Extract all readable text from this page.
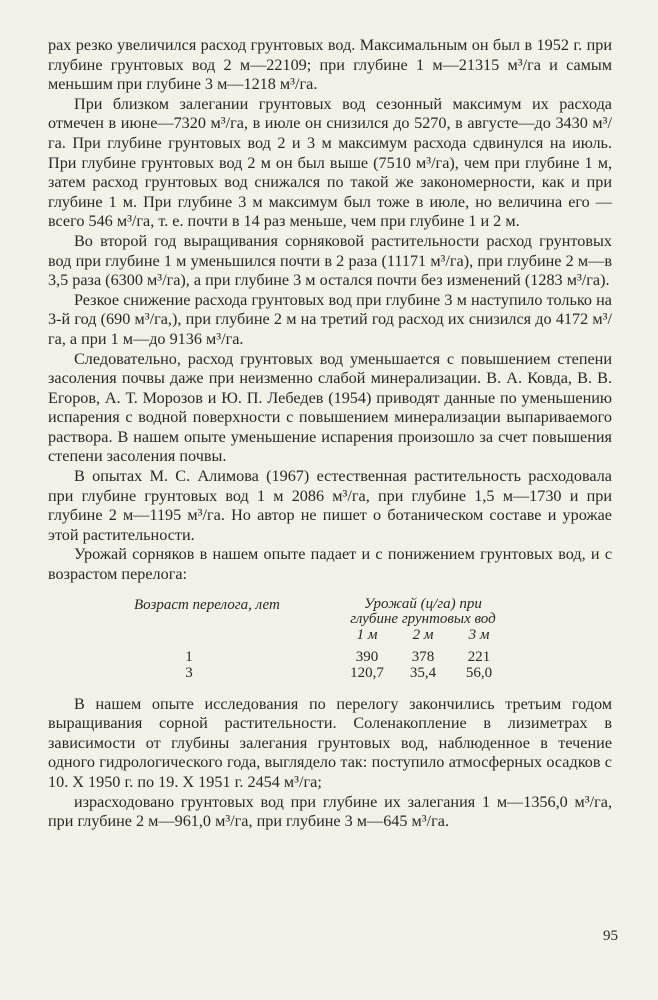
рах резко увеличился расход грунтовых вод. Максимальным он был в 1952 г. при глубине грунтовых вод 2 м—22109; при глубине 1 м—21315 м³/га и самым меньшим при глубине 3 м—1218 м³/га.

При близком залегании грунтовых вод сезонный максимум их расхода отмечен в июне—7320 м³/га, в июле он снизился до 5270, в августе—до 3430 м³/га. При глубине грунтовых вод 2 и 3 м максимум расхода сдвинулся на июль. При глубине грунтовых вод 2 м он был выше (7510 м³/га), чем при глубине 1 м, затем расход грунтовых вод снижался по такой же закономерности, как и при глубине 1 м. При глубине 3 м максимум был тоже в июле, но величина его — всего 546 м³/га, т. е. почти в 14 раз меньше, чем при глубине 1 и 2 м.

Во второй год выращивания сорняковой растительности расход грунтовых вод при глубине 1 м уменьшился почти в 2 раза (11171 м³/га), при глубине 2 м—в 3,5 раза (6300 м³/га), а при глубине 3 м остался почти без изменений (1283 м³/га).

Резкое снижение расхода грунтовых вод при глубине 3 м наступило только на 3-й год (690 м³/га,), при глубине 2 м на третий год расход их снизился до 4172 м³/га, а при 1 м—до 9136 м³/га.

Следовательно, расход грунтовых вод уменьшается с повышением степени засоления почвы даже при неизменно слабой минерализации. В. А. Ковда, В. В. Егоров, А. Т. Морозов и Ю. П. Лебедев (1954) приводят данные по уменьшению испарения с водной поверхности с повышением минерализации выпариваемого раствора. В нашем опыте уменьшение испарения произошло за счет повышения степени засоления почвы.

В опытах М. С. Алимова (1967) естественная растительность расходовала при глубине грунтовых вод 1 м 2086 м³/га, при глубине 1,5 м—1730 и при глубине 2 м—1195 м³/га. Но автор не пишет о ботаническом составе и урожае этой растительности.

Урожай сорняков в нашем опыте падает и с понижением грунтовых вод, и с возрастом перелога:

Возраст перелога, лет	Урожай (ц/га) при
глубине грунтовых вод		
	1 м	2 м	3 м

1	390	378	221
3	120,7	35,4	56,0

В нашем опыте исследования по перелогу закончились третьим годом выращивания сорной растительности. Соленакопление в лизиметрах в зависимости от глубины залегания грунтовых вод, наблюденное в течение одного гидрологического года, выглядело так: поступило атмосферных осадков с 10. X 1950 г. по 19. X 1951 г. 2454 м³/га;

израсходовано грунтовых вод при глубине их залегания 1 м—1356,0 м³/га, при глубине 2 м—961,0 м³/га, при глубине 3 м—645 м³/га.

95
